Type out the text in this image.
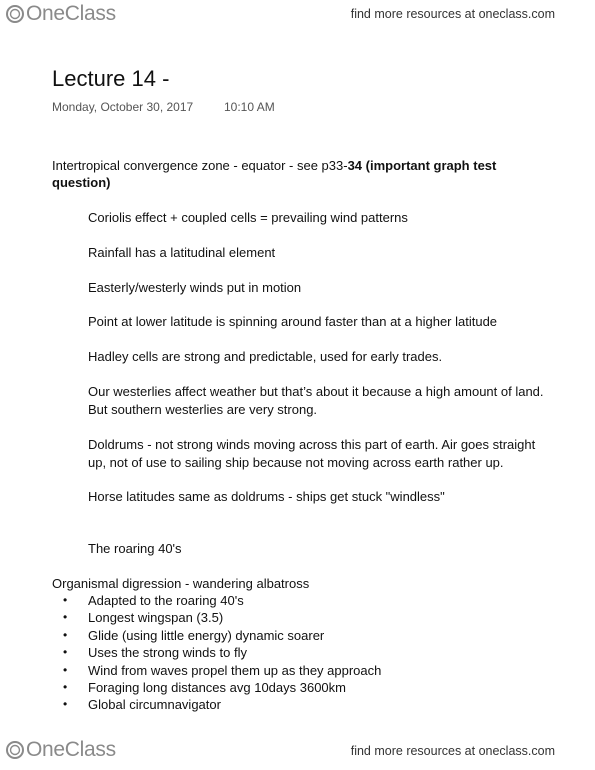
OneClass	find more resources at oneclass.com
Lecture 14 -
Monday, October 30, 2017	10:10 AM
Intertropical convergence zone - equator - see p33-34 (important graph test
question)
Coriolis effect + coupled cells = prevailing wind patterns
Rainfall has a latitudinal element
Easterly/westerly winds put in motion
Point at lower latitude is spinning around faster than at a higher latitude
Hadley cells are strong and predictable, used for early trades.
Our westerlies affect weather but that’s about it because a high amount of land.
But southern westerlies are very strong.
Doldrums - not strong winds moving across this part of earth. Air goes straight
up, not of use to sailing ship because not moving across earth rather up.
Horse latitudes same as doldrums - ships get stuck "windless"
The roaring 40's
Organismal digression - wandering albatross
• Adapted to the roaring 40's
• Longest wingspan (3.5)
• Glide (using little energy) dynamic soarer
• Uses the strong winds to fly
• Wind from waves propel them up as they approach
• Foraging long distances avg 10days 3600km
• Global circumnavigator
OneClass	find more resources at oneclass.com
